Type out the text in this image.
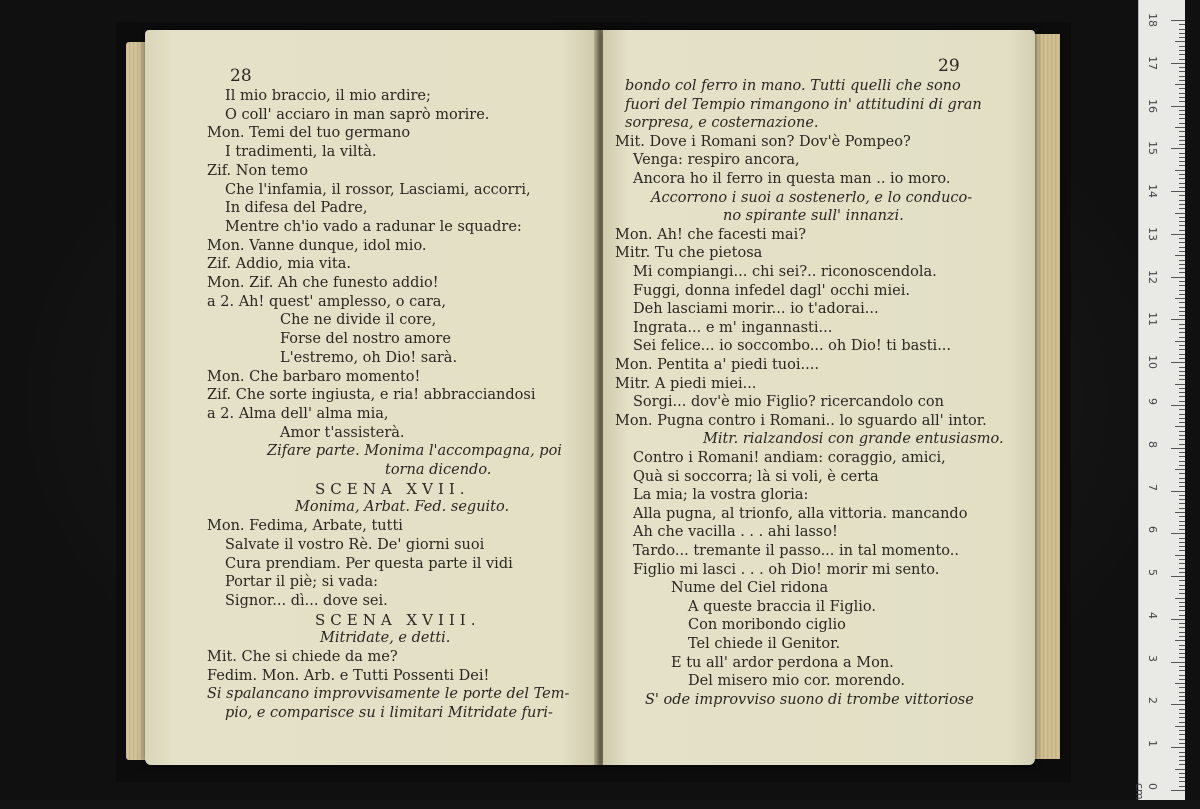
28
Il mio braccio, il mio ardire;
O coll' acciaro in man saprò morire.
Mon. Temi del tuo germano
I tradimenti, la viltà.
Zif. Non temo
Che l'infamia, il rossor, Lasciami, accorri,
In difesa del Padre,
Mentre ch'io vado a radunar le squadre:
Mon. Vanne dunque, idol mio.
Zif. Addio, mia vita.
Mon. Zif. Ah che funesto addio!
a 2. Ah! quest' amplesso, o cara,
Che ne divide il core,
Forse del nostro amore
L'estremo, oh Dio! sarà.
Mon. Che barbaro momento!
Zif. Che sorte ingiusta, e ria! abbracciandosi
a 2. Alma dell' alma mia,
Amor t'assisterà.
Zifare parte. Monima l'accompagna, poi
torna dicendo.
SCENA XVII.
Monima, Arbat. Fed. seguito.
Mon. Fedima, Arbate, tutti
Salvate il vostro Rè. De' giorni suoi
Cura prendiam. Per questa parte il vidi
Portar il piè; si vada:
Signor... dì... dove sei.
SCENA XVIII.
Mitridate, e detti.
Mit. Che si chiede da me?
Fedim. Mon. Arb. e Tutti Possenti Dei!
Si spalancano improvvisamente le porte del Tem-
pio, e comparisce su i limitari Mitridate furi-
29
bondo col ferro in mano. Tutti quelli che sono
fuori del Tempio rimangono in' attitudini di gran
sorpresa, e costernazione.
Mit. Dove i Romani son? Dov'è Pompeo?
Venga: respiro ancora,
Ancora ho il ferro in questa man .. io moro.
Accorrono i suoi a sostenerlo, e lo conduco-
no spirante sull' innanzi.
Mon. Ah! che facesti mai?
Mitr. Tu che pietosa
Mi compiangi... chi sei?.. riconoscendola.
Fuggi, donna infedel dagl' occhi miei.
Deh lasciami morir... io t'adorai...
Ingrata... e m' ingannasti...
Sei felice... io soccombo... oh Dio! ti basti...
Mon. Pentita a' piedi tuoi....
Mitr. A piedi miei...
Sorgi... dov'è mio Figlio? ricercandolo con
Mon. Pugna contro i Romani.. lo sguardo all' intor.
Mitr. rialzandosi con grande entusiasmo.
Contro i Romani! andiam: coraggio, amici,
Quà si soccorra; là si voli, è certa
La mia; la vostra gloria:
Alla pugna, al trionfo, alla vittoria. mancando
Ah che vacilla . . . ahi lasso!
Tardo... tremante il passo... in tal momento..
Figlio mi lasci . . . oh Dio! morir mi sento.
Nume del Ciel ridona
A queste braccia il Figlio.
Con moribondo ciglio
Tel chiede il Genitor.
E tu all' ardor perdona a Mon.
Del misero mio cor. morendo.
S' ode improvviso suono di trombe vittoriose
0 cm
1
2
3
4
5
6
7
8
9
10
11
12
13
14
15
16
17
18
